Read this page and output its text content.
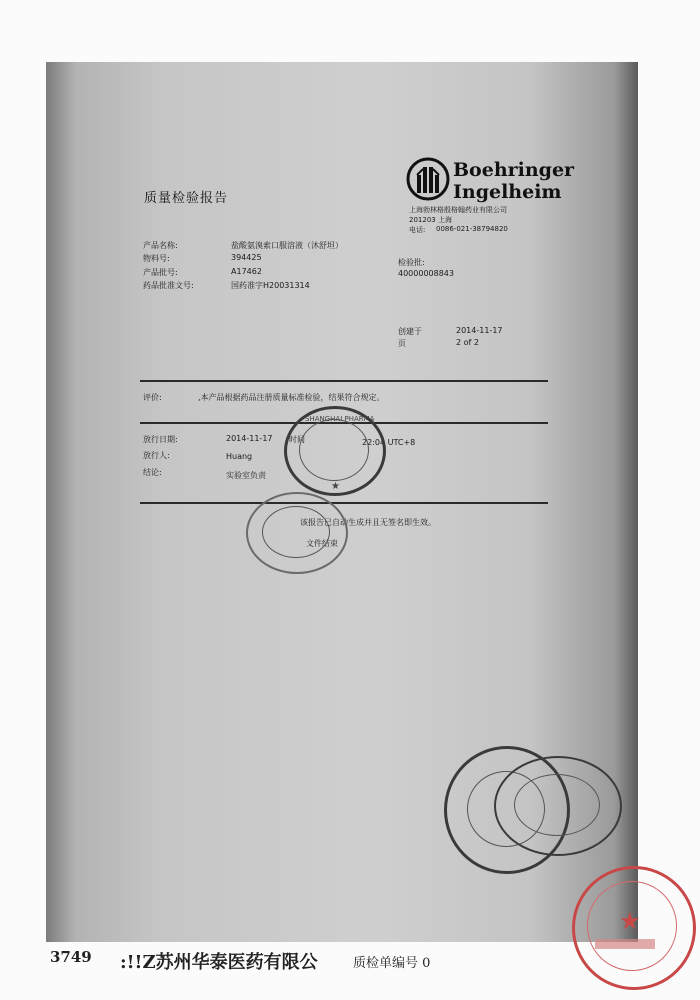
质量检验报告
Boehringer
Ingelheim
上海勃林格殷格翰药业有限公司
201203 上海
电话: 0086-021-38794820
产品名称:	盐酸氨溴索口服溶液（沐舒坦）
物料号:	394425
产品批号:	A17462
药品批准文号:	国药准字H20031314
检验批:
40000008843
创建于	2014-11-17
页	2 of 2
评价:	,本产品根据药品注册质量标准检验，结果符合规定。
放行日期:	2014-11-17 时间	22:04 UTC+8
放行人:	Huang
结论:	实验室负责
该报告已自动生成并且无签名即生效。
文件结束
SHANGHAI PHARMA
★
★
3749 :!!Z苏州华泰医药有限公	质检单编号 0
